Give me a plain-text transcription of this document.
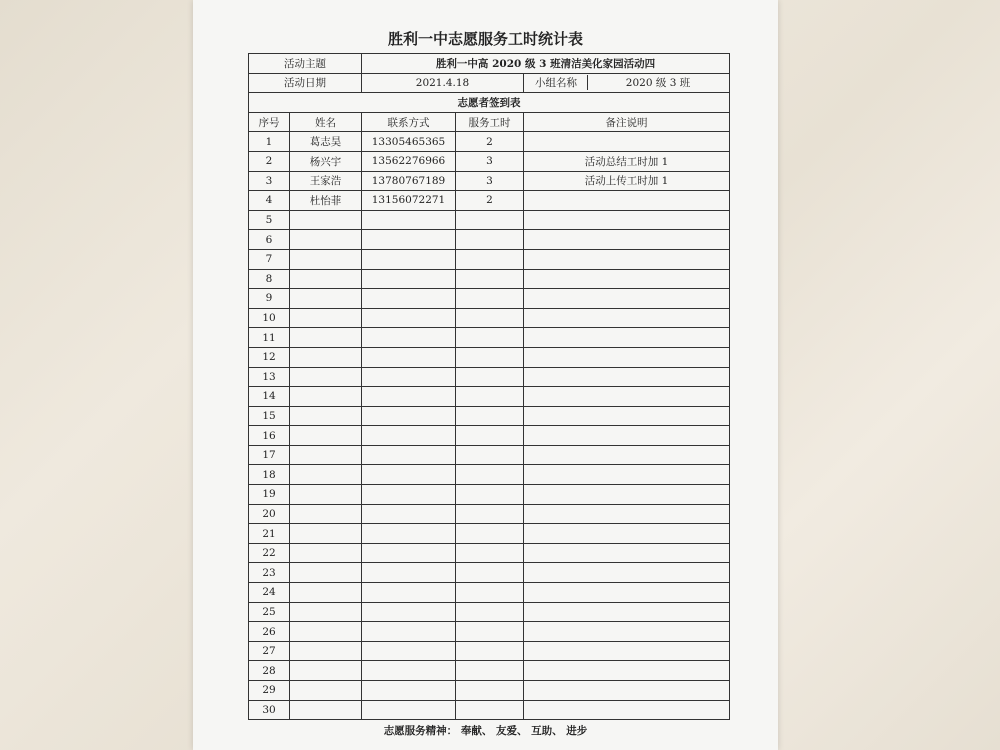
胜利一中志愿服务工时统计表
活动主题		胜利一中高 2020 级 3 班清洁美化家园活动四		
活动日期		2021.4.18		小组名称 2020 级 3 班
志愿者签到表				
序号	姓名	联系方式	服务工时	备注说明
1	葛志昊	13305465365	2	
2	杨兴宇	13562276966	3	活动总结工时加 1
3	王家浩	13780767189	3	活动上传工时加 1
4	杜怡菲	13156072271	2	
5				
6				
7				
8				
9				
10				
11				
12				
13				
14				
15				
16				
17				
18				
19				
20				
21				
22				
23				
24				
25				
26				
27				
28				
29				
30				
志愿服务精神： 奉献、 友爱、 互助、 进步
